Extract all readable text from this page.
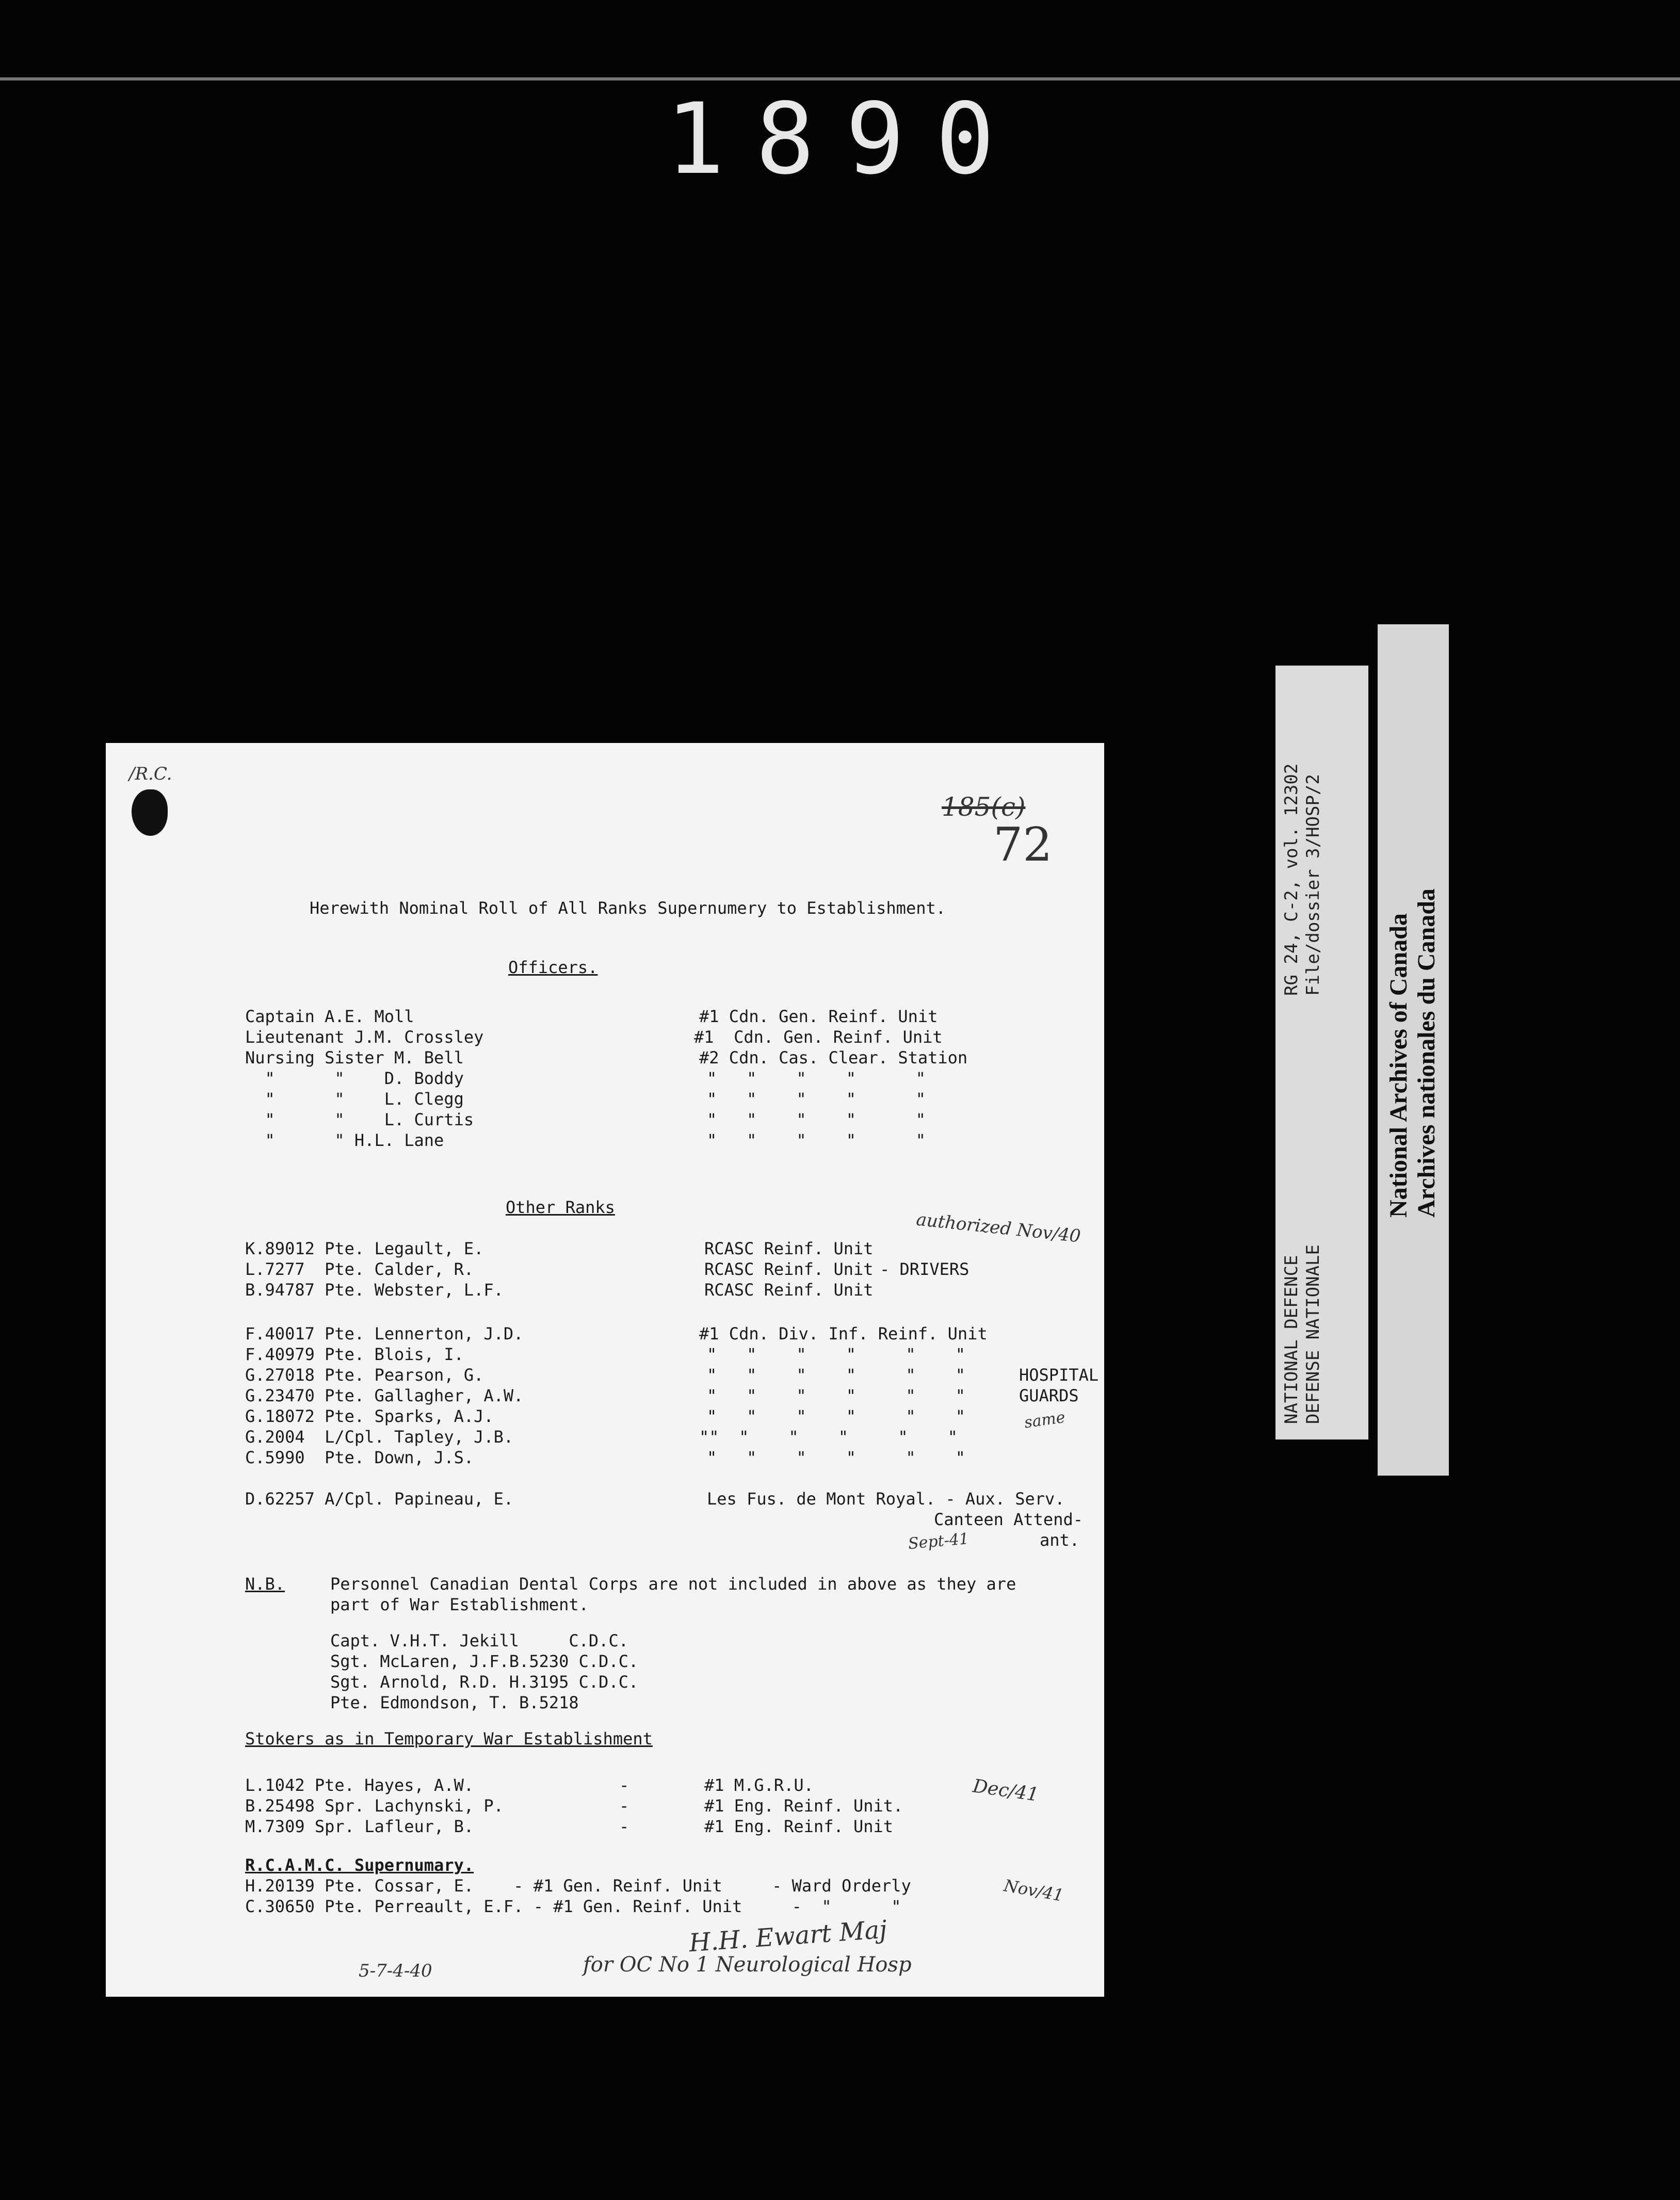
1890
NATIONAL DEFENCE DEFENSE NATIONALE
RG 24, C-2, vol. 12302 File/dossier 3/HOSP/2
National Archives of Canada Archives nationales du Canada
/R.C.
185(c)
72
Herewith Nominal Roll of All Ranks Supernumery to Establishment.
Officers.
Captain A.E. Moll	#1 Cdn. Gen. Reinf. Unit
Lieutenant J.M. Crossley	#1  Cdn. Gen. Reinf. Unit
Nursing Sister M. Bell	#2 Cdn. Cas. Clear. Station
"      "    D. Boddy	"   "    "    "      "
"      "    L. Clegg	"   "    "    "      "
"      "    L. Curtis	"   "    "    "      "
"      " H.L. Lane	"   "    "    "      "
Other Ranks
authorized Nov/40
K.89012 Pte. Legault, E.	RCASC Reinf. Unit
L.7277  Pte. Calder, R.	RCASC Reinf. Unit - DRIVERS
B.94787 Pte. Webster, L.F.	RCASC Reinf. Unit
F.40017 Pte. Lennerton, J.D.	#1 Cdn. Div. Inf. Reinf. Unit
F.40979 Pte. Blois, I.	"   "    "    "     "    "
G.27018 Pte. Pearson, G.	"   "    "    "     "    "	HOSPITAL
G.23470 Pte. Gallagher, A.W.	"   "    "    "     "    "	GUARDS
G.18072 Pte. Sparks, A.J.	"   "    "    "     "    "
G.2004  L/Cpl. Tapley, J.B.	""  "    "    "     "    "
C.5990  Pte. Down, J.S.	"   "    "    "     "    "
same
D.62257 A/Cpl. Papineau, E.	Les Fus. de Mont Royal. - Aux. Serv.
Canteen Attend-
ant.
Sept-41
N.B.	Personnel Canadian Dental Corps are not included in above as they are
part of War Establishment.
Capt. V.H.T. Jekill     C.D.C.
Sgt. McLaren, J.F.B.5230 C.D.C.
Sgt. Arnold, R.D. H.3195 C.D.C.
Pte. Edmondson, T. B.5218
Stokers as in Temporary War Establishment
L.1042 Pte. Hayes, A.W.	-	#1 M.G.R.U.
B.25498 Spr. Lachynski, P.	-	#1 Eng. Reinf. Unit.
M.7309 Spr. Lafleur, B.	-	#1 Eng. Reinf. Unit
Dec/41
R.C.A.M.C. Supernumary.
H.20139 Pte. Cossar, E.    - #1 Gen. Reinf. Unit     - Ward Orderly
C.30650 Pte. Perreault, E.F. - #1 Gen. Reinf. Unit     -  "      "
Nov/41
H.H. Ewart Maj
5-7-4-40	for OC No 1 Neurological Hosp
